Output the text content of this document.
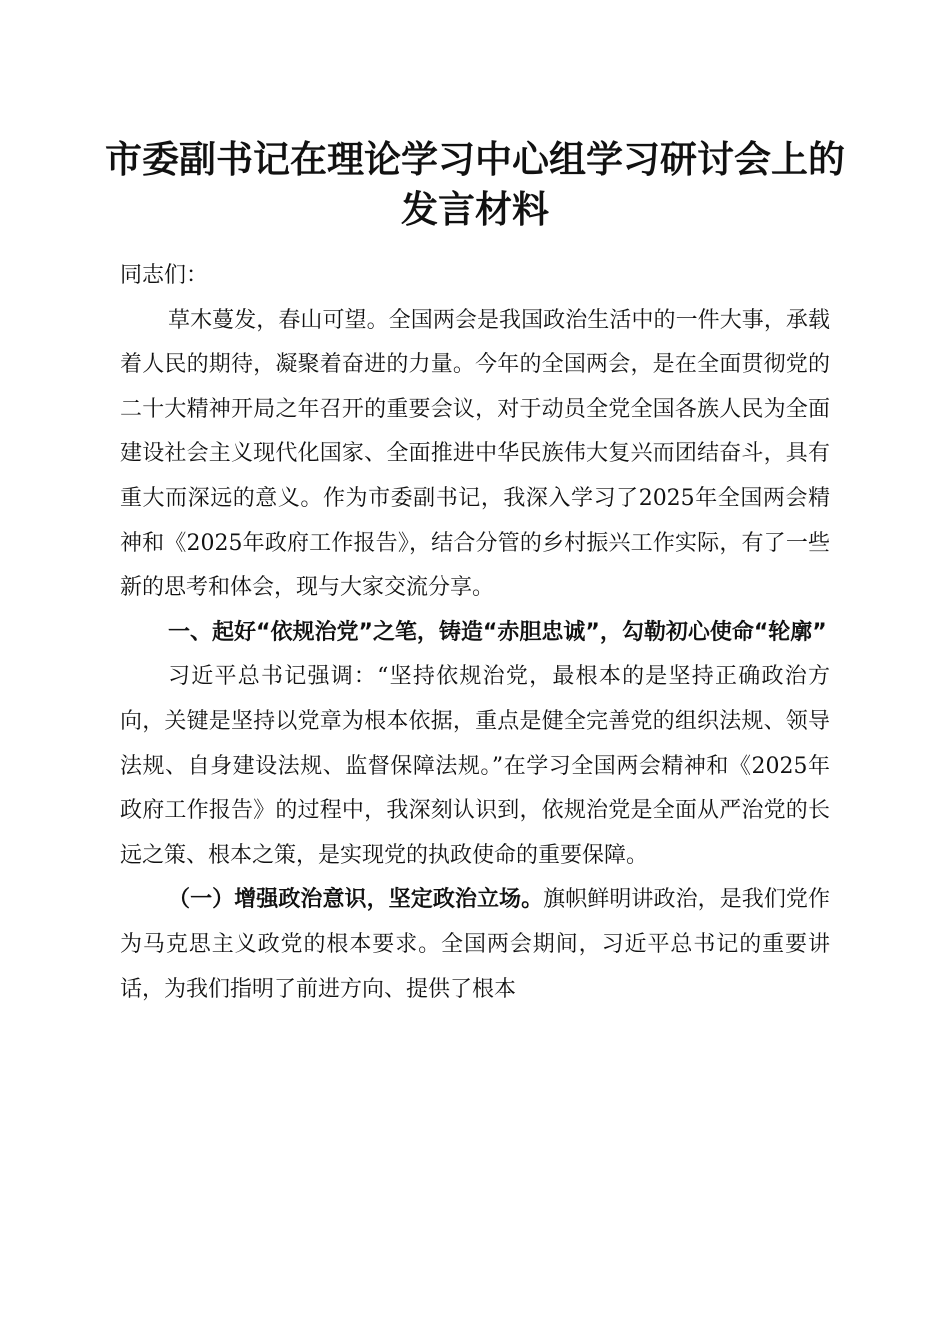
市委副书记在理论学习中心组学习研讨会上的发言材料

同志们：

草木蔓发，春山可望。全国两会是我国政治生活中的一件大事，承载着人民的期待，凝聚着奋进的力量。今年的全国两会，是在全面贯彻党的二十大精神开局之年召开的重要会议，对于动员全党全国各族人民为全面建设社会主义现代化国家、全面推进中华民族伟大复兴而团结奋斗，具有重大而深远的意义。作为市委副书记，我深入学习了2025年全国两会精神和《2025年政府工作报告》，结合分管的乡村振兴工作实际，有了一些新的思考和体会，现与大家交流分享。

一、起好“依规治党”之笔，铸造“赤胆忠诚”，勾勒初心使命“轮廓”

习近平总书记强调：“坚持依规治党，最根本的是坚持正确政治方向，关键是坚持以党章为根本依据，重点是健全完善党的组织法规、领导法规、自身建设法规、监督保障法规。”在学习全国两会精神和《2025年政府工作报告》的过程中，我深刻认识到，依规治党是全面从严治党的长远之策、根本之策，是实现党的执政使命的重要保障。

（一）增强政治意识，坚定政治立场。旗帜鲜明讲政治，是我们党作为马克思主义政党的根本要求。全国两会期间，习近平总书记的重要讲话，为我们指明了前进方向、提供了根本
